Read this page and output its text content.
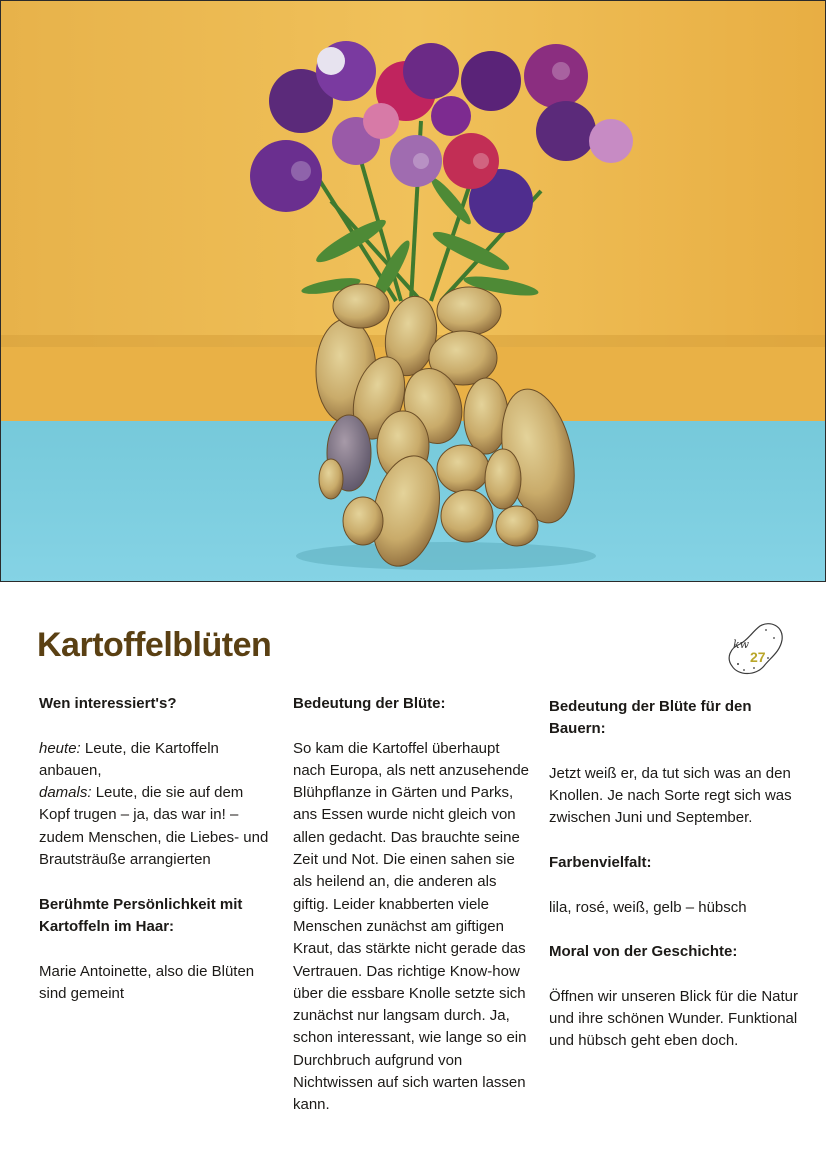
Kartoffelblüten	kw
27

Wen interessiert's?

heute: Leute, die Kartoffeln anbauen,
damals: Leute, die sie auf dem Kopf trugen – ja, das war in! – zudem Menschen, die Liebes- und Brautsträuße arrangierten

Berühmte Persönlichkeit mit Kartoffeln im Haar:

Marie Antoinette, also die Blüten sind gemeint

Bedeutung der Blüte:

So kam die Kartoffel überhaupt nach Europa, als nett anzusehende Blühpflanze in Gärten und Parks, ans Essen wurde nicht gleich von allen gedacht. Das brauchte seine Zeit und Not. Die einen sahen sie als heilend an, die anderen als giftig. Leider knabberten viele Menschen zunächst am giftigen Kraut, das stärkte nicht gerade das Vertrauen. Das richtige Know-how über die essbare Knolle setzte sich zunächst nur langsam durch. Ja, schon interessant, wie lange so ein Durchbruch aufgrund von Nichtwissen auf sich warten lassen kann.

Bedeutung der Blüte für den Bauern:

Jetzt weiß er, da tut sich was an den Knollen. Je nach Sorte regt sich was zwischen Juni und September.

Farbenvielfalt:

lila, rosé, weiß, gelb – hübsch

Moral von der Geschichte:

Öffnen wir unseren Blick für die Natur und ihre schönen Wunder. Funktional und hübsch geht eben doch.
